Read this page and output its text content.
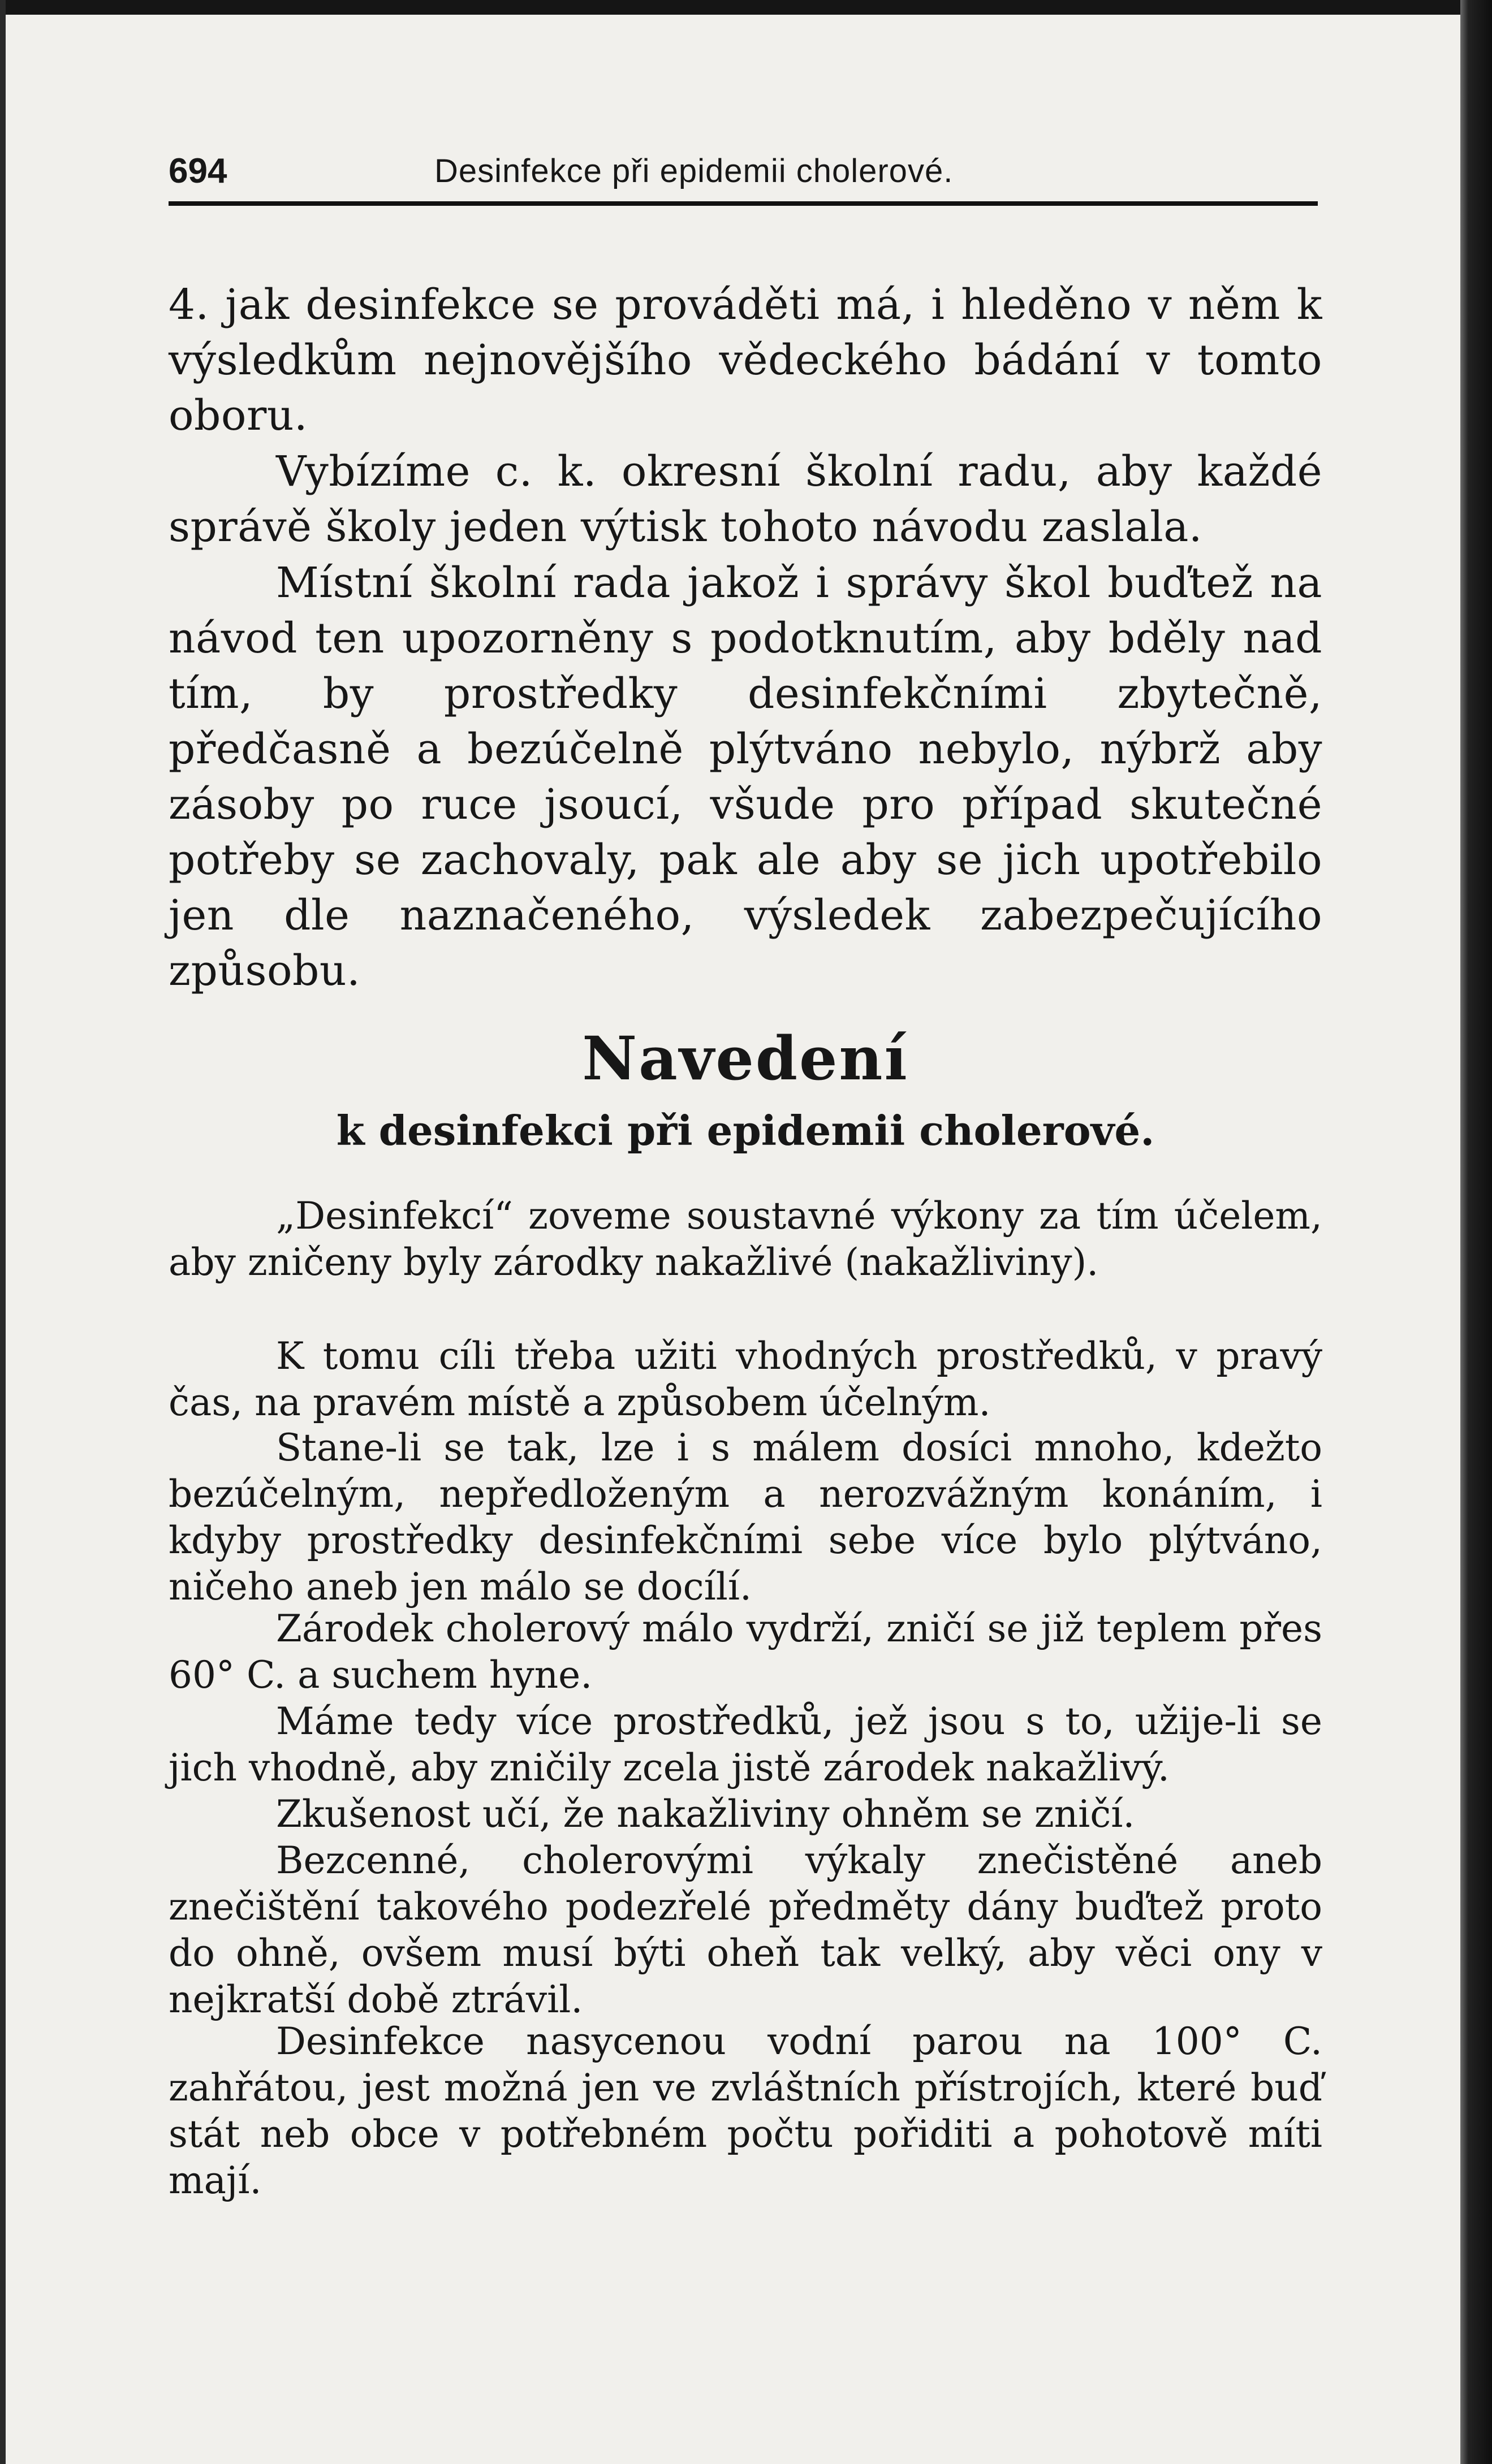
694	Desinfekce při epidemii cholerové.

4. jak desinfekce se prováděti má, i hleděno v něm k výsledkům nejnovějšího vědeckého bádání v tomto oboru.

Vybízíme c. k. okresní školní radu, aby každé správě školy jeden výtisk tohoto návodu zaslala.

Místní školní rada jakož i správy škol buďtež na návod ten upozorněny s podotknutím, aby bděly nad tím, by prostředky desinfekčními zbytečně, předčasně a bezúčelně plýtváno nebylo, nýbrž aby zásoby po ruce jsoucí, všude pro případ skutečné potřeby se zachovaly, pak ale aby se jich upotřebilo jen dle naznačeného, výsledek zabezpečujícího způsobu.

Navedení
k desinfekci při epidemii cholerové.

„Desinfekcí“ zoveme soustavné výkony za tím účelem, aby zničeny byly zárodky nakažlivé (nakažliviny).

K tomu cíli třeba užiti vhodných prostředků, v pravý čas, na pravém místě a způsobem účelným.

Stane-li se tak, lze i s málem dosíci mnoho, kdežto bezúčelným, nepředloženým a nerozvážným konáním, i kdyby prostředky desinfekčními sebe více bylo plýtváno, ničeho aneb jen málo se docílí.

Zárodek cholerový málo vydrží, zničí se již teplem přes 60° C. a suchem hyne.

Máme tedy více prostředků, jež jsou s to, užije-li se jich vhodně, aby zničily zcela jistě zárodek nakažlivý.

Zkušenost učí, že nakažliviny ohněm se zničí.

Bezcenné, cholerovými výkaly znečistěné aneb znečištění takového podezřelé předměty dány buďtež proto do ohně, ovšem musí býti oheň tak velký, aby věci ony v nejkratší době ztrávil.

Desinfekce nasycenou vodní parou na 100° C. zahřátou, jest možná jen ve zvláštních přístrojích, které buď stát neb obce v potřebném počtu pořiditi a pohotově míti mají.
